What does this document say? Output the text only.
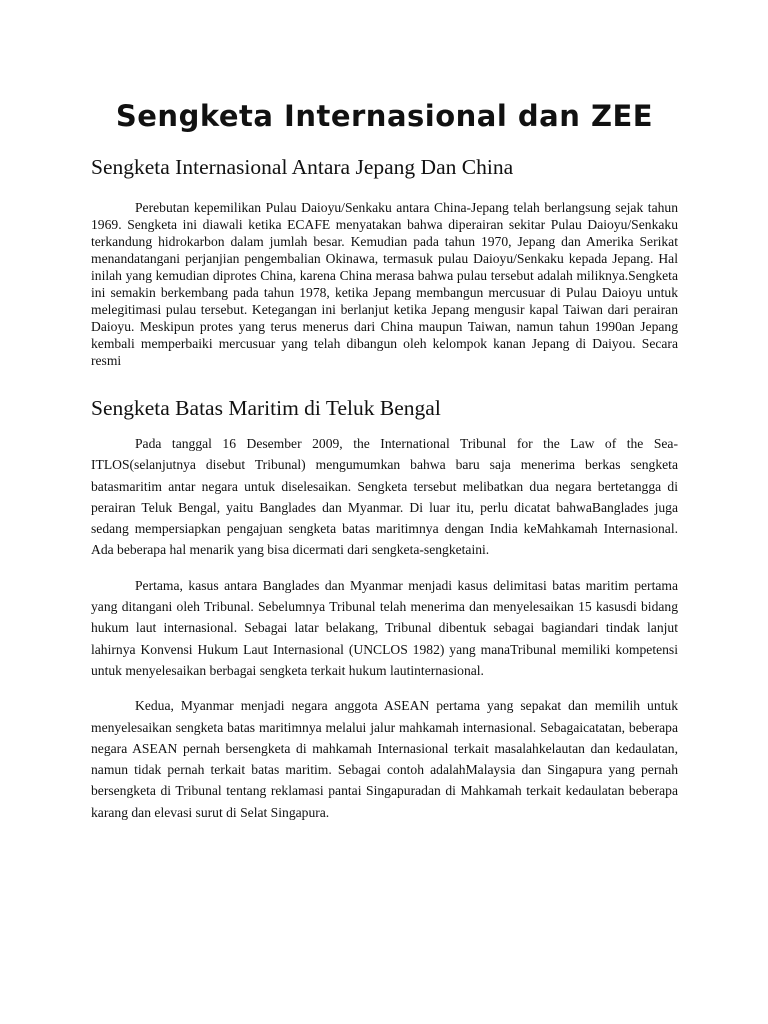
Sengketa Internasional dan ZEE
Sengketa Internasional Antara Jepang Dan China

Perebutan kepemilikan Pulau Daioyu/Senkaku antara China-Jepang telah berlangsung sejak tahun 1969. Sengketa ini diawali ketika ECAFE menyatakan bahwa diperairan sekitar Pulau Daioyu/Senkaku terkandung hidrokarbon dalam jumlah besar. Kemudian pada tahun 1970, Jepang dan Amerika Serikat menandatangani perjanjian pengembalian Okinawa, termasuk pulau Daioyu/Senkaku kepada Jepang. Hal inilah yang kemudian diprotes China, karena China merasa bahwa pulau tersebut adalah miliknya.Sengketa ini semakin berkembang pada tahun 1978, ketika Jepang membangun mercusuar di Pulau Daioyu untuk melegitimasi pulau tersebut. Ketegangan ini berlanjut ketika Jepang mengusir kapal Taiwan dari perairan Daioyu. Meskipun protes yang terus menerus dari China maupun Taiwan, namun tahun 1990an Jepang kembali memperbaiki mercusuar yang telah dibangun oleh kelompok kanan Jepang di Daiyou. Secara resmi

Sengketa Batas Maritim di Teluk Bengal

Pada tanggal 16 Desember 2009, the International Tribunal for the Law of the Sea-ITLOS(selanjutnya disebut Tribunal) mengumumkan bahwa baru saja menerima berkas sengketa batasmaritim antar negara untuk diselesaikan. Sengketa tersebut melibatkan dua negara bertetangga di perairan Teluk Bengal, yaitu Banglades dan Myanmar. Di luar itu, perlu dicatat bahwaBanglades juga sedang mempersiapkan pengajuan sengketa batas maritimnya dengan India keMahkamah Internasional. Ada beberapa hal menarik yang bisa dicermati dari sengketa-sengketaini.

Pertama, kasus antara Banglades dan Myanmar menjadi kasus delimitasi batas maritim pertama yang ditangani oleh Tribunal. Sebelumnya Tribunal telah menerima dan menyelesaikan 15 kasusdi bidang hukum laut internasional. Sebagai latar belakang, Tribunal dibentuk sebagai bagiandari tindak lanjut lahirnya Konvensi Hukum Laut Internasional (UNCLOS 1982) yang manaTribunal memiliki kompetensi untuk menyelesaikan berbagai sengketa terkait hukum lautinternasional.

Kedua, Myanmar menjadi negara anggota ASEAN pertama yang sepakat dan memilih untuk menyelesaikan sengketa batas maritimnya melalui jalur mahkamah internasional. Sebagaicatatan, beberapa negara ASEAN pernah bersengketa di mahkamah Internasional terkait masalahkelautan dan kedaulatan, namun tidak pernah terkait batas maritim. Sebagai contoh adalahMalaysia dan Singapura yang pernah bersengketa di Tribunal tentang reklamasi pantai Singapuradan di Mahkamah terkait kedaulatan beberapa karang dan elevasi surut di Selat Singapura.
